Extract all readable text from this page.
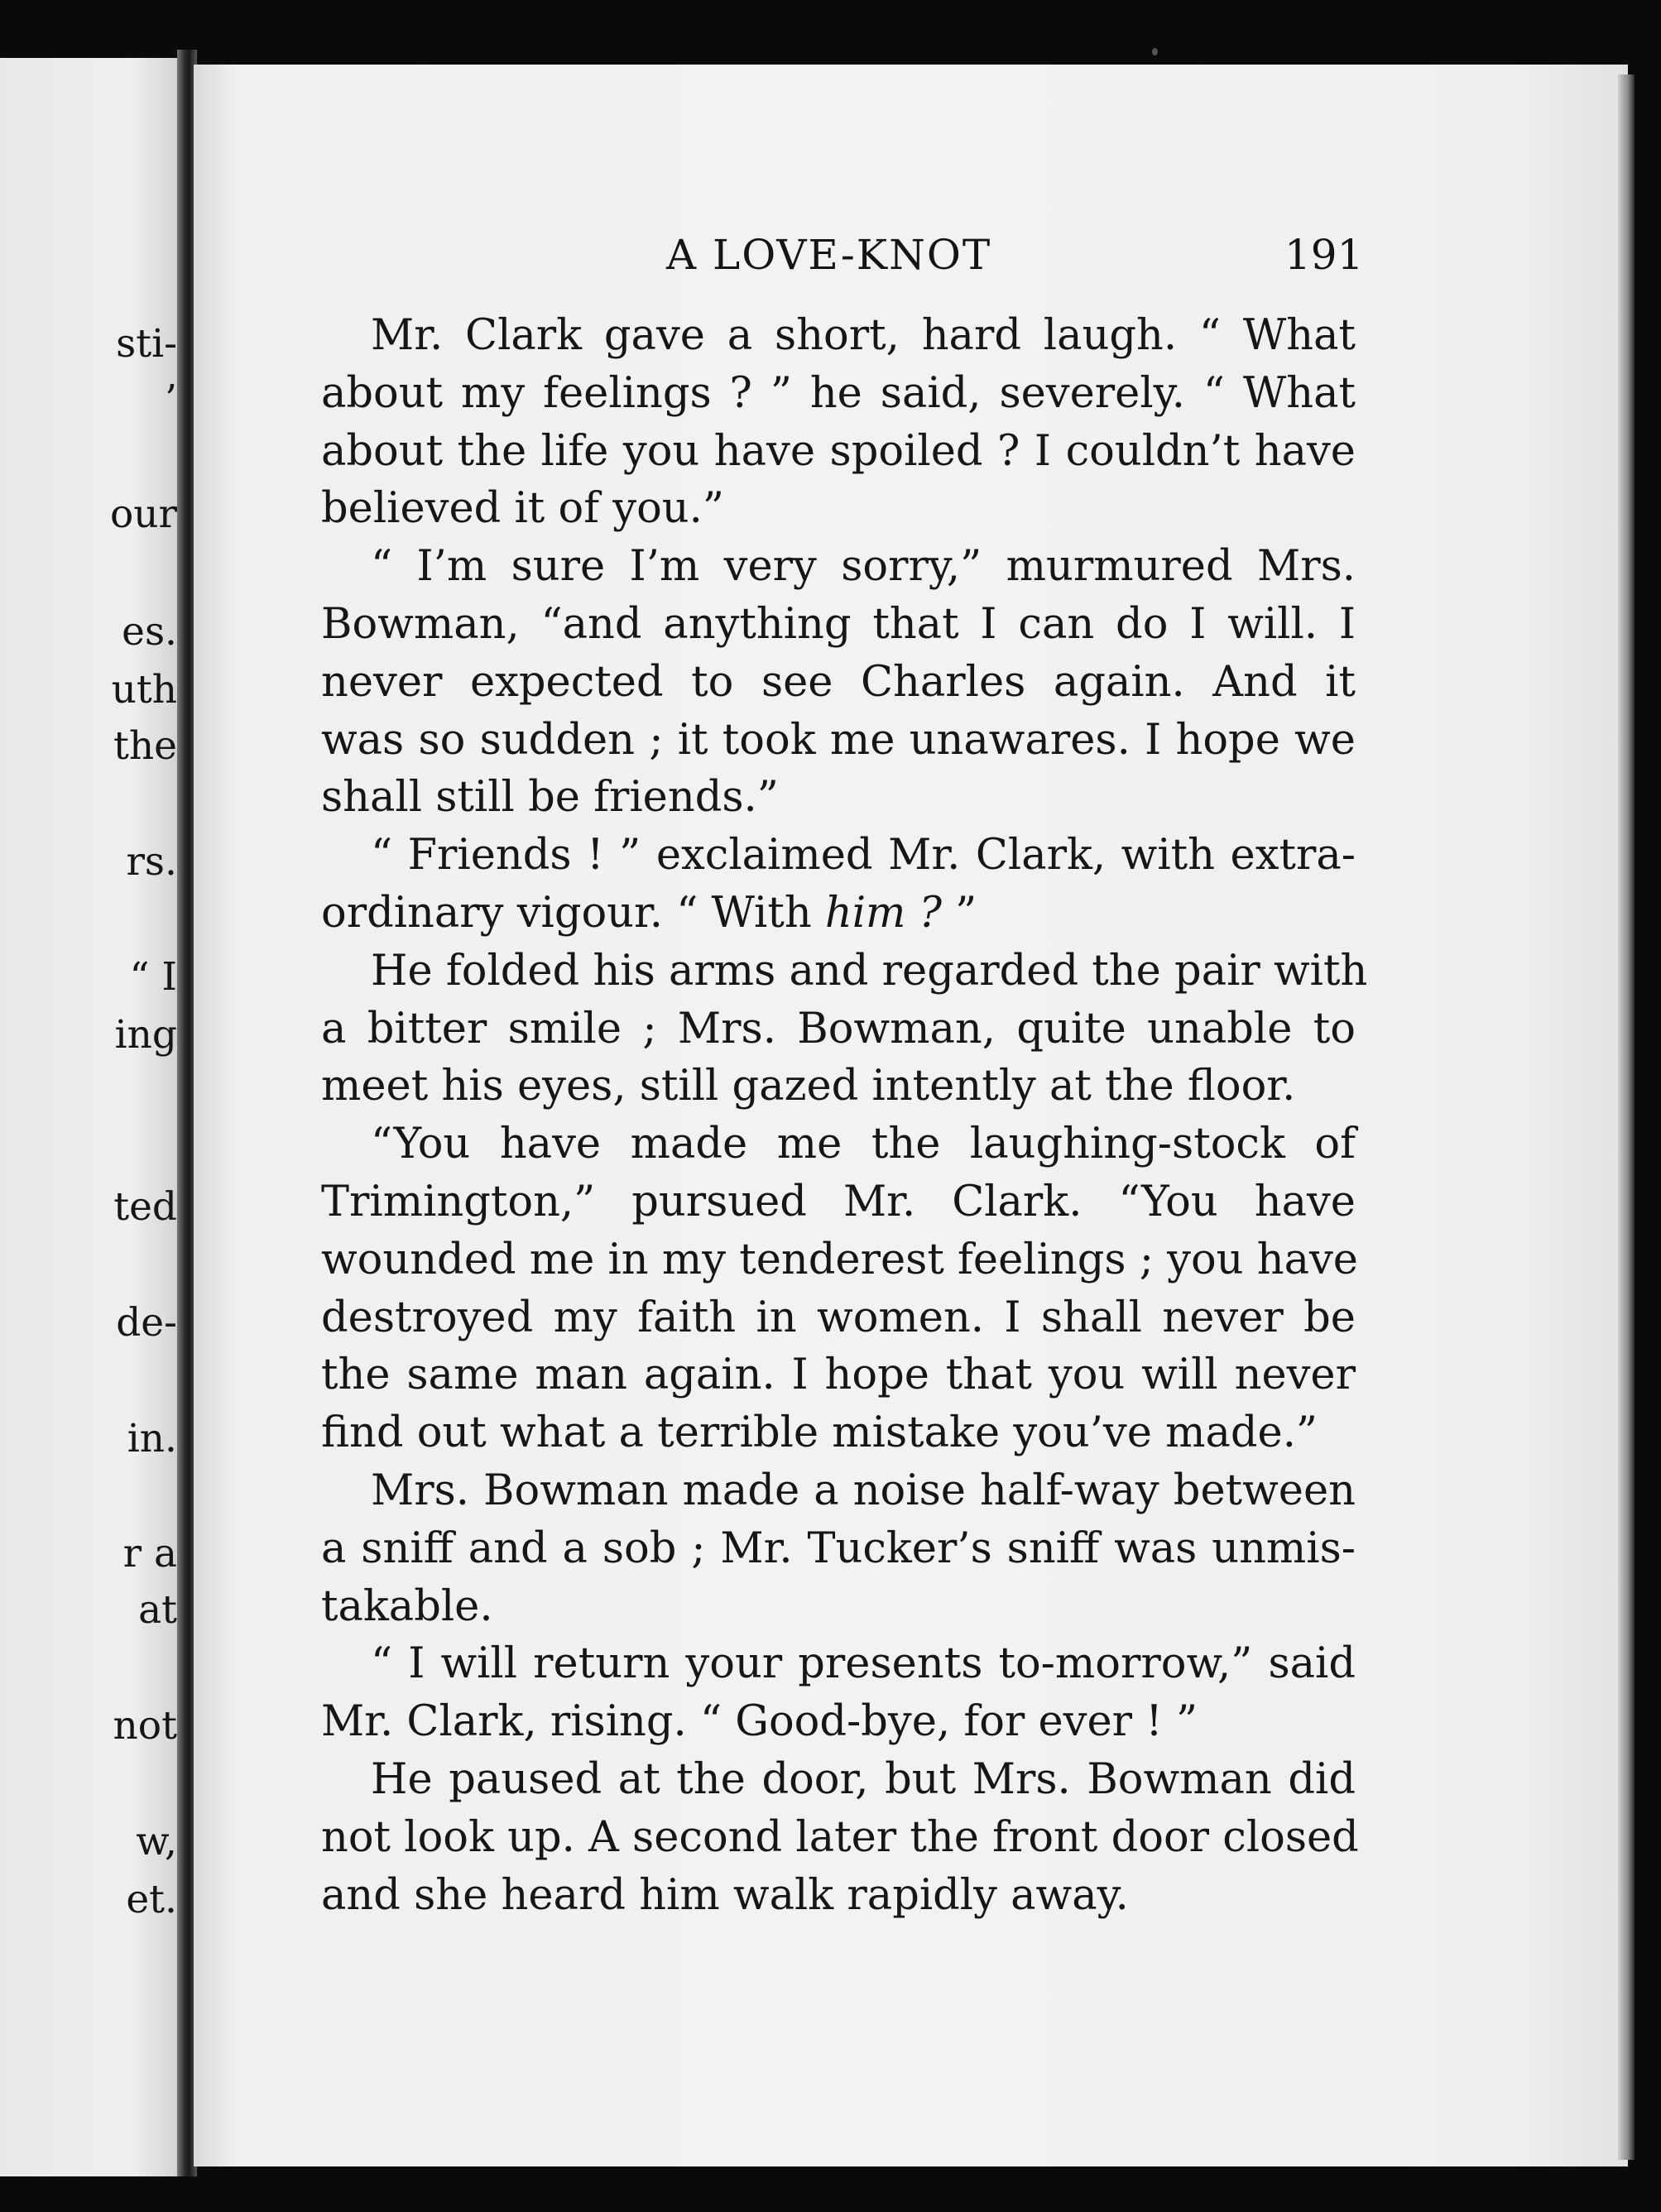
sti-
’
our
es.
uth
the
rs.
“ I
ing
ted
de-
in.
r a
at
not
w,
et.
A LOVE-KNOT	191
Mr. Clark gave a short, hard laugh. “ What
about my feelings ? ” he said, severely. “ What
about the life you have spoiled ? I couldn’t have
believed it of you.”
“ I’m sure I’m very sorry,” murmured Mrs.
Bowman, “and anything that I can do I will. I
never expected to see Charles again. And it
was so sudden ; it took me unawares. I hope we
shall still be friends.”
“ Friends ! ” exclaimed Mr. Clark, with extra-
ordinary vigour. “ With him ? ”
He folded his arms and regarded the pair with
a bitter smile ; Mrs. Bowman, quite unable to
meet his eyes, still gazed intently at the floor.
“You have made me the laughing-stock of
Trimington,” pursued Mr. Clark. “You have
wounded me in my tenderest feelings ; you have
destroyed my faith in women. I shall never be
the same man again. I hope that you will never
find out what a terrible mistake you’ve made.”
Mrs. Bowman made a noise half-way between
a sniff and a sob ; Mr. Tucker’s sniff was unmis-
takable.
“ I will return your presents to-morrow,” said
Mr. Clark, rising. “ Good-bye, for ever ! ”
He paused at the door, but Mrs. Bowman did
not look up. A second later the front door closed
and she heard him walk rapidly away.
